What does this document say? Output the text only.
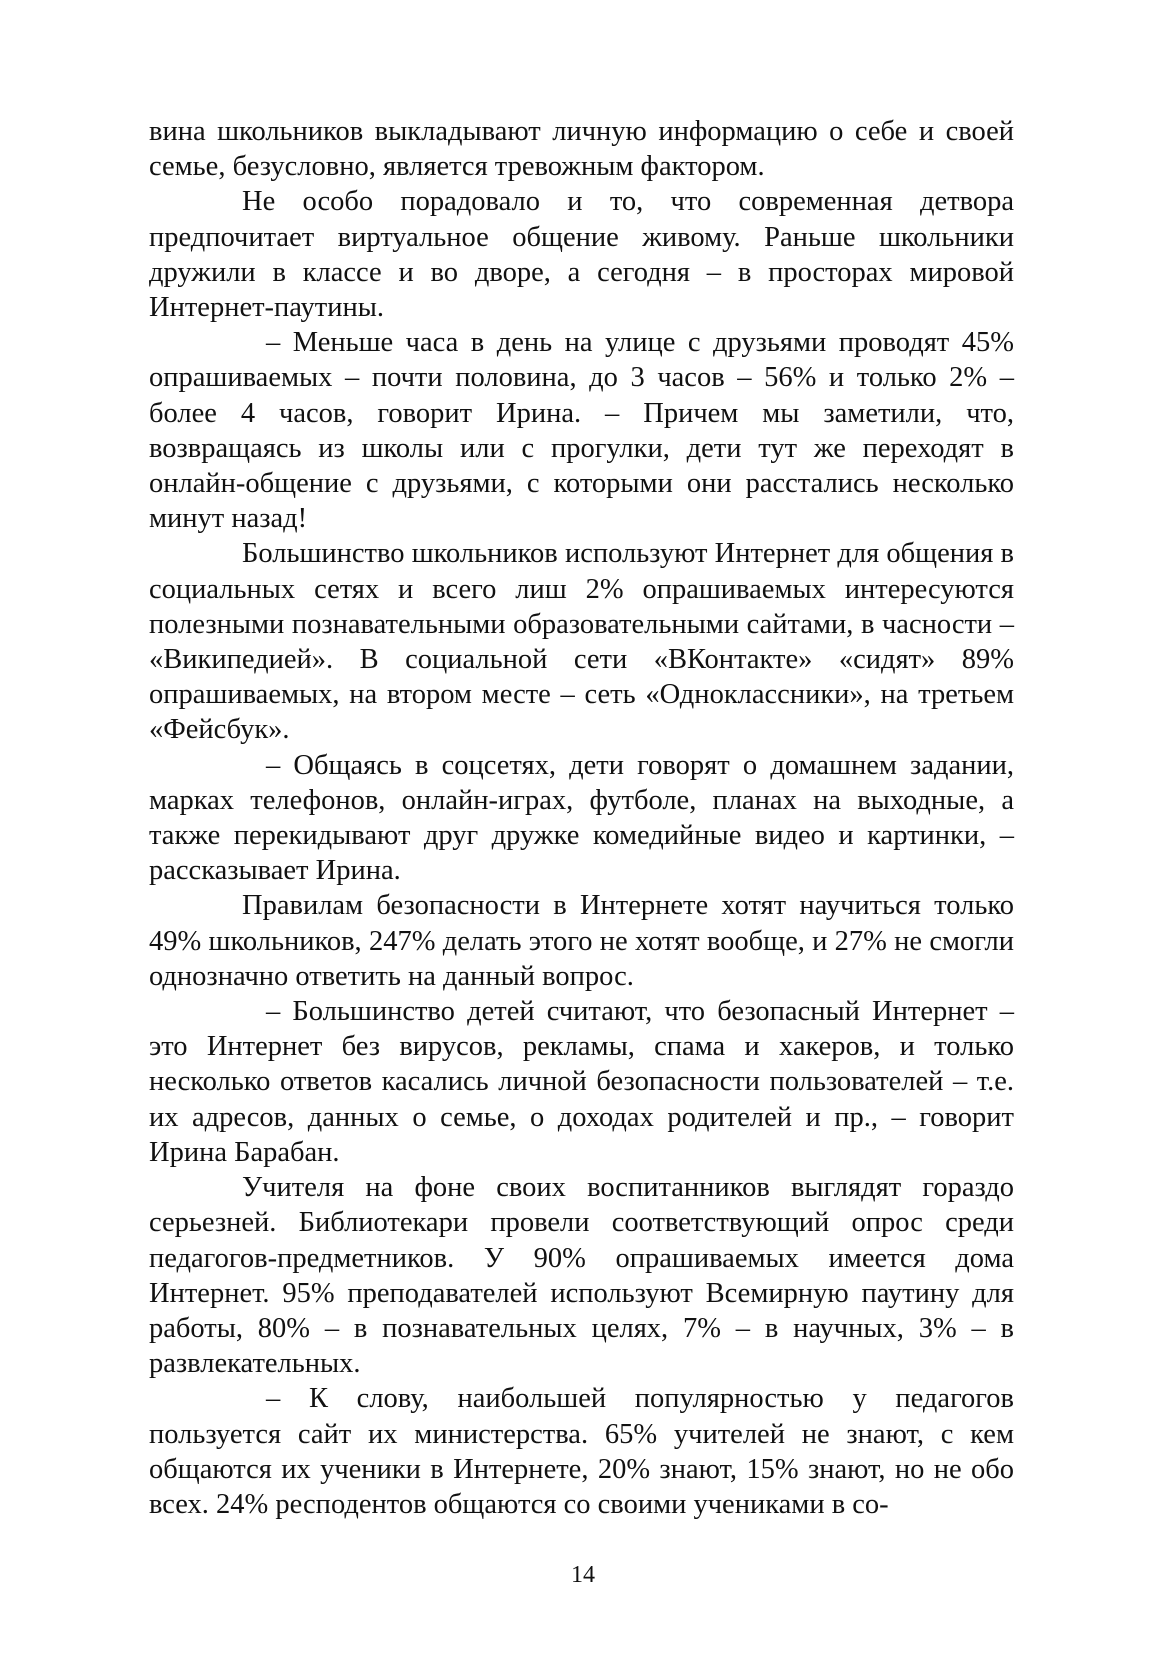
вина школьников выкладывают личную информацию о себе и своей семье, безусловно, является тревожным фактором.

Не особо порадовало и то, что современная детвора предпочитает виртуальное общение живому. Раньше школьники дружили в классе и во дворе, а сегодня – в просторах мировой Интернет-паутины.

– Меньше часа в день на улице с друзьями проводят 45% опрашиваемых – почти половина, до 3 часов – 56% и только 2% – более 4 часов, говорит Ирина. – Причем мы заметили, что, возвращаясь из школы или с прогулки, дети тут же переходят в онлайн-общение с друзьями, с которыми они расстались несколько минут назад!

Большинство школьников используют Интернет для общения в социальных сетях и всего лиш 2% опрашиваемых интересуются полезными познавательными образовательными сайтами, в часности – «Википедией». В социальной сети «ВКонтакте» «сидят» 89% опрашиваемых, на втором месте – сеть «Одноклассники», на третьем «Фейсбук».

– Общаясь в соцсетях, дети говорят о домашнем задании, марках телефонов, онлайн-играх, футболе, планах на выходные, а также перекидывают друг дружке комедийные видео и картинки, – рассказывает Ирина.

Правилам безопасности в Интернете хотят научиться только 49% школьников, 247% делать этого не хотят вообще, и 27% не смогли однозначно ответить на данный вопрос.

– Большинство детей считают, что безопасный Интернет – это Интернет без вирусов, рекламы, спама и хакеров, и только несколько ответов касались личной безопасности пользователей – т.е. их адресов, данных о семье, о доходах родителей и пр., – говорит Ирина Барабан.

Учителя на фоне своих воспитанников выглядят гораздо серьезней. Библиотекари провели соответствующий опрос среди педагогов-предметников. У 90% опрашиваемых имеется дома Интернет. 95% преподавателей используют Всемирную паутину для работы, 80% – в познавательных целях, 7% – в научных, 3% – в развлекательных.

– К слову, наибольшей популярностью у педагогов пользуется сайт их министерства. 65% учителей не знают, с кем общаются их ученики в Интернете, 20% знают, 15% знают, но не обо всех. 24% респодентов общаются со своими учениками в со-

14
